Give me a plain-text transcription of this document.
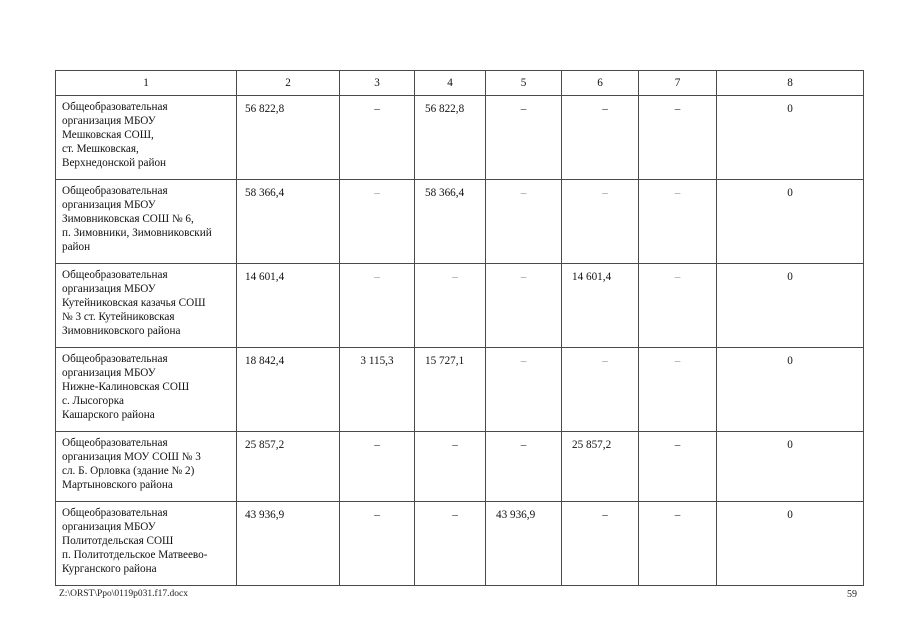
1	2	3	4	5	6	7	8
Общеобразовательная
организация МБОУ
Мешковская СОШ,
ст. Мешковская,
Верхнедонской район	56 822,8	–	56 822,8	–	–	–	0
Общеобразовательная
организация МБОУ
Зимовниковская СОШ № 6,
п. Зимовники, Зимовниковский
район	58 366,4	–	58 366,4	–	–	–	0
Общеобразовательная
организация МБОУ
Кутейниковская казачья СОШ
№ 3 ст. Кутейниковская
Зимовниковского района	14 601,4	–	–	–	14 601,4	–	0
Общеобразовательная
организация МБОУ
Нижне-Калиновская СОШ
с. Лысогорка
Кашарского района	18 842,4	3 115,3	15 727,1	–	–	–	0
Общеобразовательная
организация МОУ СОШ № 3
сл. Б. Орловка (здание № 2)
Мартыновского района	25 857,2	–	–	–	25 857,2	–	0
Общеобразовательная
организация МБОУ
Политотдельская СОШ
п. Политотдельское Матвеево-
Курганского района	43 936,9	–	–	43 936,9	–	–	0
Z:\ORST\Ppo\0119p031.f17.docx	59
